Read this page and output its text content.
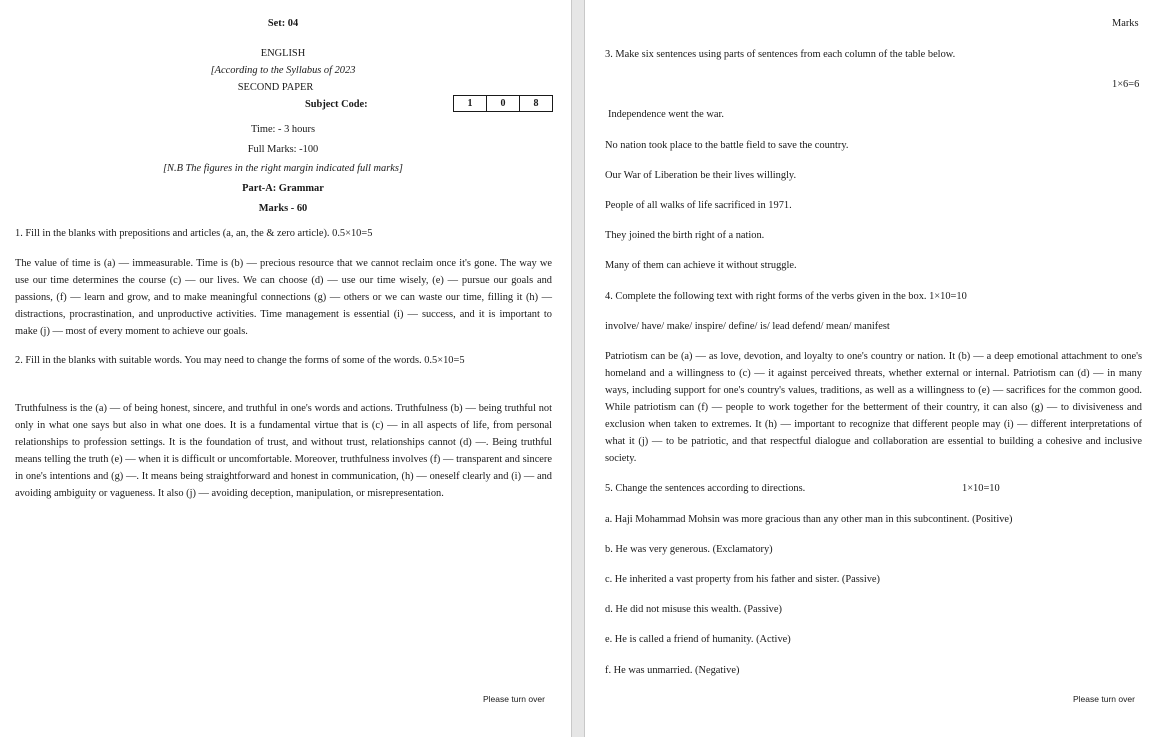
Set: 04
ENGLISH
[According to the Syllabus of 2023
SECOND PAPER
Subject Code:	1	0	8
Time: - 3 hours
Full Marks: -100
[N.B The figures in the right margin indicated full marks]
Part-A: Grammar
Marks - 60
1. Fill in the blanks with prepositions and articles (a, an, the & zero article). 0.5×10=5
The value of time is (a) — immeasurable. Time is (b) — precious resource that we cannot reclaim once it's gone. The way we use our time determines the course (c) — our lives. We can choose (d) — use our time wisely, (e) — pursue our goals and passions, (f) — learn and grow, and to make meaningful connections (g) — others or we can waste our time, filling it (h) — distractions, procrastination, and unproductive activities. Time management is essential (i) — success, and it is important to make (j) — most of every moment to achieve our goals.
2. Fill in the blanks with suitable words. You may need to change the forms of some of the words. 0.5×10=5
Truthfulness is the (a) — of being honest, sincere, and truthful in one's words and actions. Truthfulness (b) — being truthful not only in what one says but also in what one does. It is a fundamental virtue that is (c) — in all aspects of life, from personal relationships to profession settings. It is the foundation of trust, and without trust, relationships cannot (d) —. Being truthful means telling the truth (e) — when it is difficult or uncomfortable. Moreover, truthfulness involves (f) — transparent and sincere in one's intentions and (g) —. It means being straightforward and honest in communication, (h) — oneself clearly and (i) — and avoiding ambiguity or vagueness. It also (j) — avoiding deception, manipulation, or misrepresentation.
Please turn over
Marks
3. Make six sentences using parts of sentences from each column of the table below.
1×6=6
Independence went the war.
No nation took place to the battle field to save the country.
Our War of Liberation be their lives willingly.
People of all walks of life sacrificed in 1971.
They joined the birth right of a nation.
Many of them can achieve it without struggle.
4. Complete the following text with right forms of the verbs given in the box. 1×10=10
involve/ have/ make/ inspire/ define/ is/ lead defend/ mean/ manifest
Patriotism can be (a) — as love, devotion, and loyalty to one's country or nation. It (b) — a deep emotional attachment to one's homeland and a willingness to (c) — it against perceived threats, whether external or internal. Patriotism can (d) — in many ways, including support for one's country's values, traditions, as well as a willingness to (e) — sacrifices for the common good. While patriotism can (f) — people to work together for the betterment of their country, it can also (g) — to divisiveness and exclusion when taken to extremes. It (h) — important to recognize that different people may (i) — different interpretations of what it (j) — to be patriotic, and that respectful dialogue and collaboration are essential to building a cohesive and inclusive society.
5. Change the sentences according to directions.	1×10=10
a. Haji Mohammad Mohsin was more gracious than any other man in this subcontinent. (Positive)
b. He was very generous. (Exclamatory)
c. He inherited a vast property from his father and sister. (Passive)
d. He did not misuse this wealth. (Passive)
e. He is called a friend of humanity. (Active)
f. He was unmarried. (Negative)
Please turn over
